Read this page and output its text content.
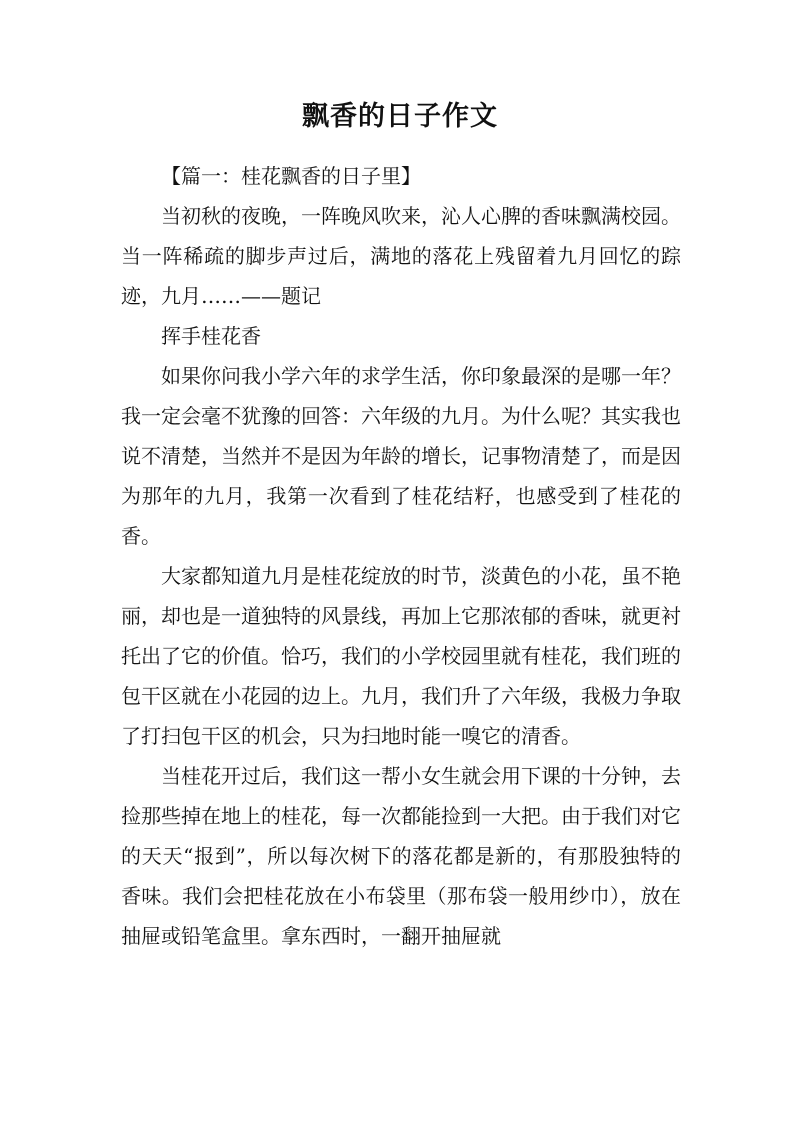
飘香的日子作文

【篇一：桂花飘香的日子里】

当初秋的夜晚，一阵晚风吹来，沁人心脾的香味飘满校园。当一阵稀疏的脚步声过后，满地的落花上残留着九月回忆的踪迹，九月……——题记

挥手桂花香

如果你问我小学六年的求学生活，你印象最深的是哪一年？我一定会毫不犹豫的回答：六年级的九月。为什么呢？其实我也说不清楚，当然并不是因为年龄的增长，记事物清楚了，而是因为那年的九月，我第一次看到了桂花结籽，也感受到了桂花的香。

大家都知道九月是桂花绽放的时节，淡黄色的小花，虽不艳丽，却也是一道独特的风景线，再加上它那浓郁的香味，就更衬托出了它的价值。恰巧，我们的小学校园里就有桂花，我们班的包干区就在小花园的边上。九月，我们升了六年级，我极力争取了打扫包干区的机会，只为扫地时能一嗅它的清香。

当桂花开过后，我们这一帮小女生就会用下课的十分钟，去捡那些掉在地上的桂花，每一次都能捡到一大把。由于我们对它的天天“报到”，所以每次树下的落花都是新的，有那股独特的香味。我们会把桂花放在小布袋里（那布袋一般用纱巾），放在抽屉或铅笔盒里。拿东西时，一翻开抽屉就
